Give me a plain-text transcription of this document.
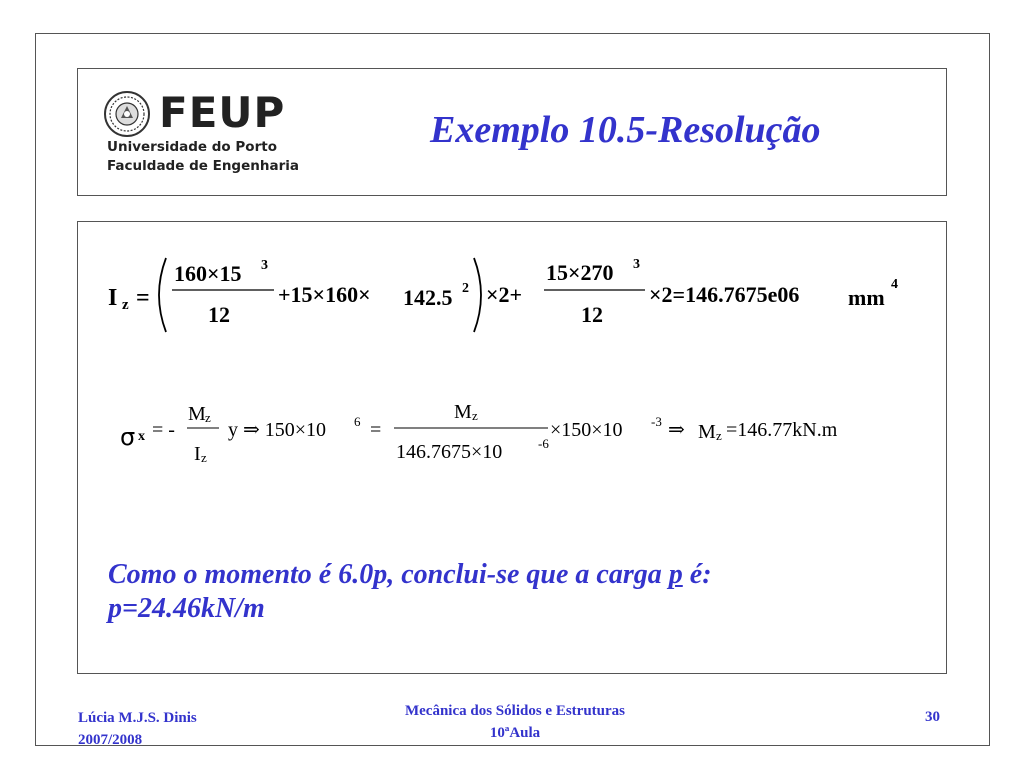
FEUP
Universidade do Porto
Faculdade de Engenharia
Exemplo 10.5-Resolução
I z =
160×15 3
12
+15×160× 142.5 2 ×2+
15×270 3
12
×2=146.7675e06 mm
4
σ x = -
M z
I z
y ⇒ 150×10 6 =
M z
146.7675×10	-6
×150×10 -3 ⇒ M z =146.77kN.m
Como o momento é 6.0p, conclui-se que a carga p é:
p=24.46kN/m
Lúcia M.J.S. Dinis
2007/2008
Mecânica dos Sólidos e Estruturas
10ªAula
30
